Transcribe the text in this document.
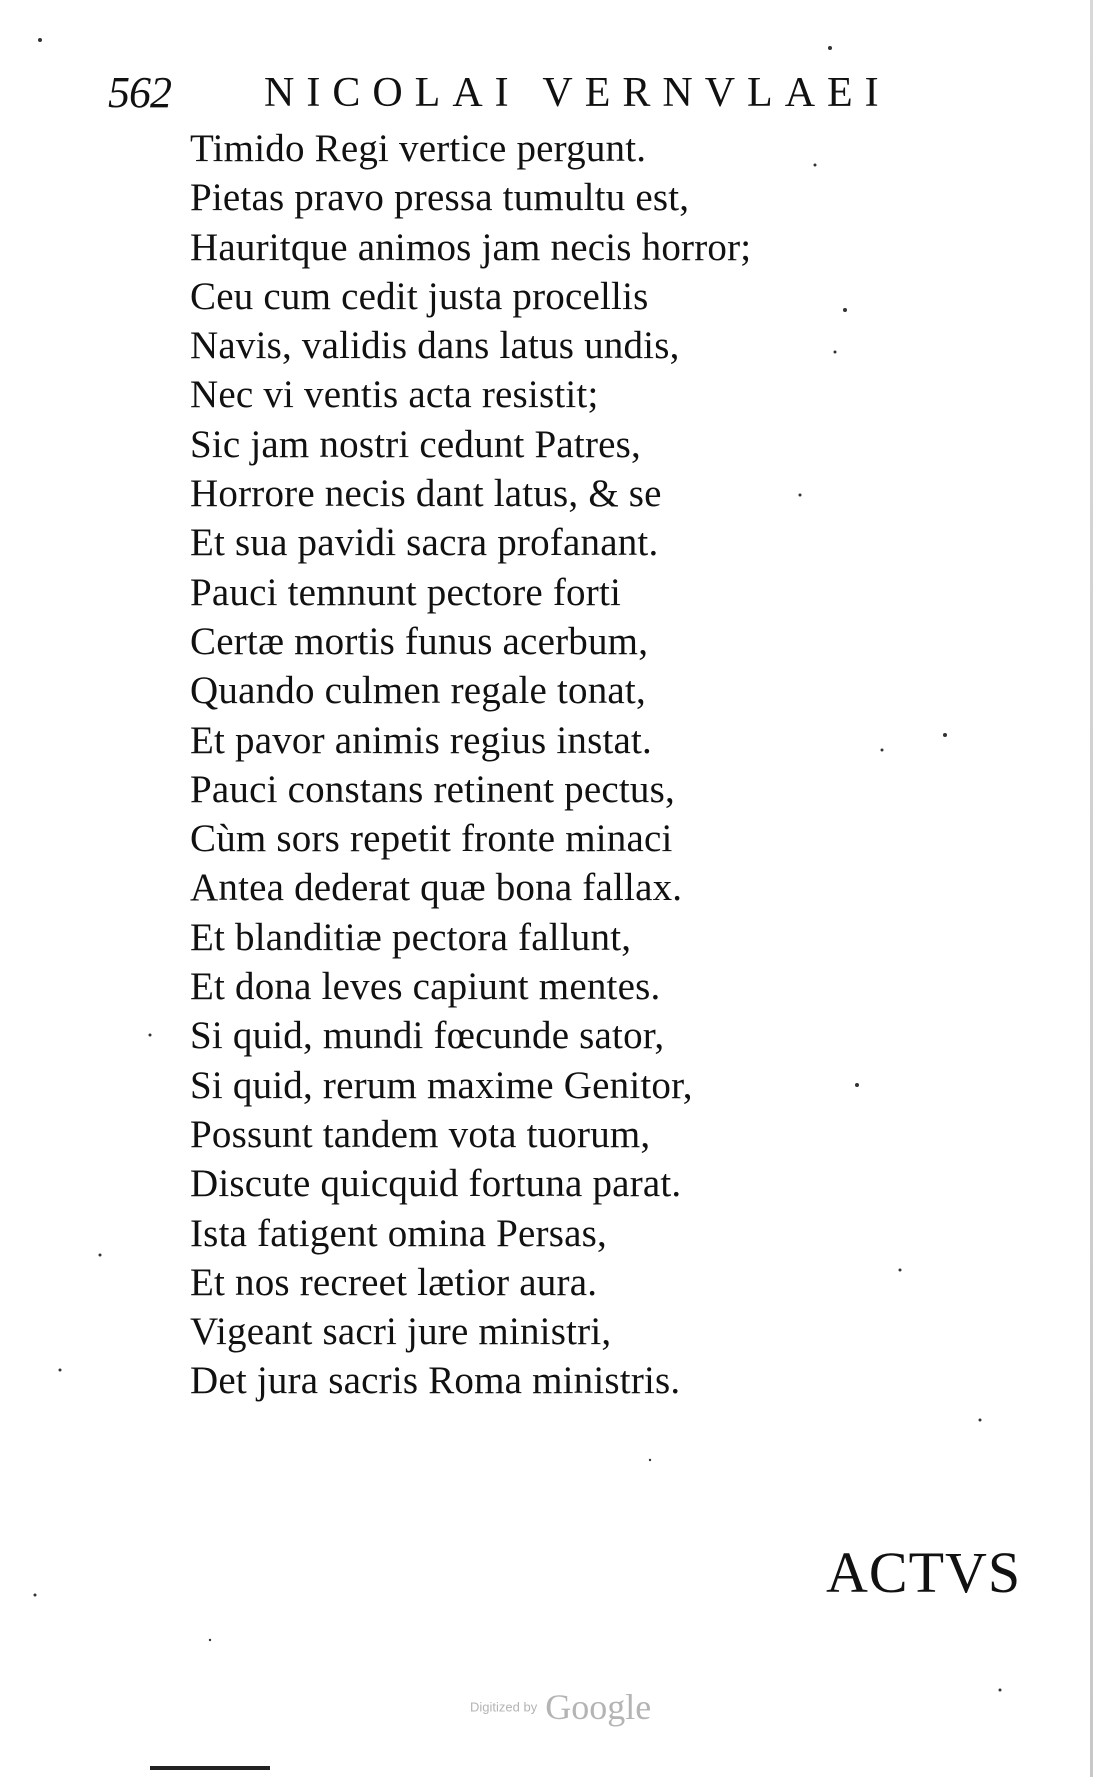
562 NICOLAI VERNVLAEI
Timido Regi vertice pergunt.
Pietas pravo pressa tumultu est,
Hauritque animos jam necis horror;
Ceu cum cedit justa procellis
Navis, validis dans latus undis,
Nec vi ventis acta resistit;
Sic jam nostri cedunt Patres,
Horrore necis dant latus, & se
Et sua pavidi sacra profanant.
Pauci temnunt pectore forti
Certæ mortis funus acerbum,
Quando culmen regale tonat,
Et pavor animis regius instat.
Pauci constans retinent pectus,
Cùm sors repetit fronte minaci
Antea dederat quæ bona fallax.
Et blanditiæ pectora fallunt,
Et dona leves capiunt mentes.
Si quid, mundi fœcunde sator,
Si quid, rerum maxime Genitor,
Possunt tandem vota tuorum,
Discute quicquid fortuna parat.
Ista fatigent omina Persas,
Et nos recreet lætior aura.
Vigeant sacri jure ministri,
Det jura sacris Roma ministris.
ACTVS
Digitized by Google
